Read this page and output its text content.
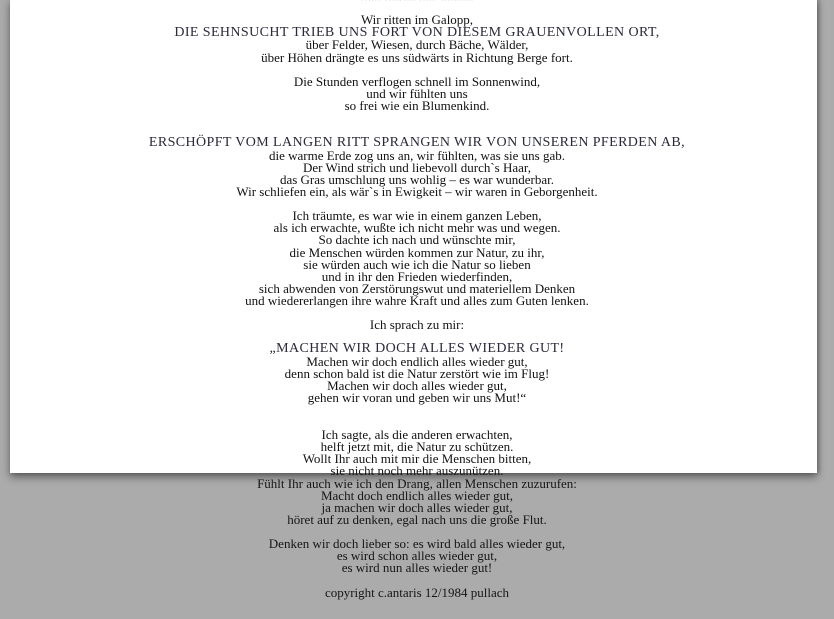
Wir ritten im Galopp,
DIE SEHNSUCHT TRIEB UNS FORT VON DIESEM GRAUENVOLLEN ORT,
über Felder, Wiesen, durch Bäche, Wälder,
über Höhen drängte es uns südwärts in Richtung Berge fort.
Die Stunden verflogen schnell im Sonnenwind,
und wir fühlten uns
so frei wie ein Blumenkind.
ERSCHÖPFT VOM LANGEN RITT SPRANGEN WIR VON UNSEREN PFERDEN AB,
die warme Erde zog uns an, wir fühlten, was sie uns gab.
Der Wind strich und liebevoll durch`s Haar,
das Gras umschlung uns wohlig – es war wunderbar.
Wir schliefen ein, als wär`s in Ewigkeit – wir waren in Geborgenheit.
Ich träumte, es war wie in einem ganzen Leben,
als ich erwachte, wußte ich nicht mehr was und wegen.
So dachte ich nach und wünschte mir,
die Menschen würden kommen zur Natur, zu ihr,
sie würden auch wie ich die Natur so lieben
und in ihr den Frieden wiederfinden,
sich abwenden von Zerstörungswut und materiellem Denken
und wiedererlangen ihre wahre Kraft und alles zum Guten lenken.
Ich sprach zu mir:
„MACHEN WIR DOCH ALLES WIEDER GUT!
Machen wir doch endlich alles wieder gut,
denn schon bald ist die Natur zerstört wie im Flug!
Machen wir doch alles wieder gut,
gehen wir voran und geben wir uns Mut!“
Ich sagte, als die anderen erwachten,
helft jetzt mit, die Natur zu schützen.
Wollt Ihr auch mit mir die Menschen bitten,
sie nicht noch mehr auszunützen.
Fühlt Ihr auch wie ich den Drang, allen Menschen zuzurufen:
Macht doch endlich alles wieder gut,
ja machen wir doch alles wieder gut,
höret auf zu denken, egal nach uns die große Flut.
Denken wir doch lieber so: es wird bald alles wieder gut,
es wird schon alles wieder gut,
es wird nun alles wieder gut!
copyright c.antaris 12/1984 pullach
